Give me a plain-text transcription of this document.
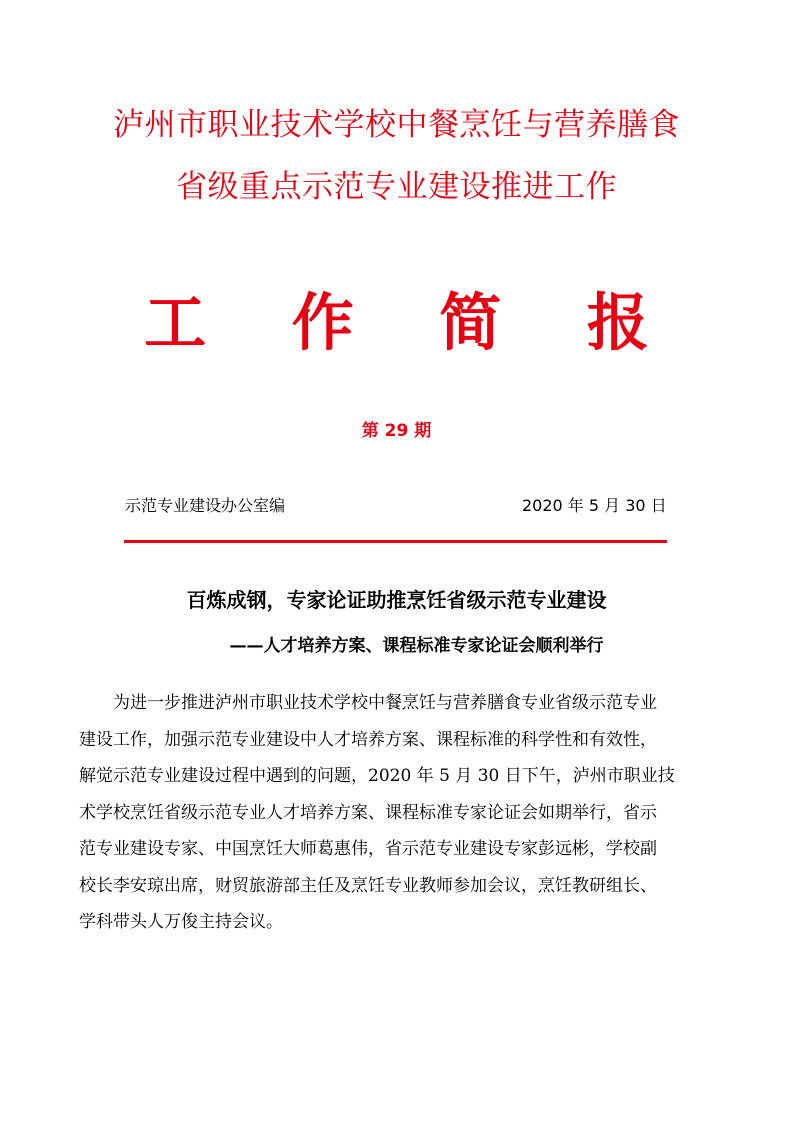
泸州市职业技术学校中餐烹饪与营养膳食
省级重点示范专业建设推进工作
工 作 简 报
第 29 期
示范专业建设办公室编	2020 年 5 月 30 日
百炼成钢，专家论证助推烹饪省级示范专业建设
——人才培养方案、课程标准专家论证会顺利举行
为进一步推进泸州市职业技术学校中餐烹饪与营养膳食专业省级示范专业
建设工作，加强示范专业建设中人才培养方案、课程标准的科学性和有效性，
解觉示范专业建设过程中遇到的问题，2020 年 5 月 30 日下午，泸州市职业技
术学校烹饪省级示范专业人才培养方案、课程标准专家论证会如期举行，省示
范专业建设专家、中国烹饪大师葛惠伟，省示范专业建设专家彭远彬，学校副
校长李安琼出席，财贸旅游部主任及烹饪专业教师参加会议，烹饪教研组长、
学科带头人万俊主持会议。
